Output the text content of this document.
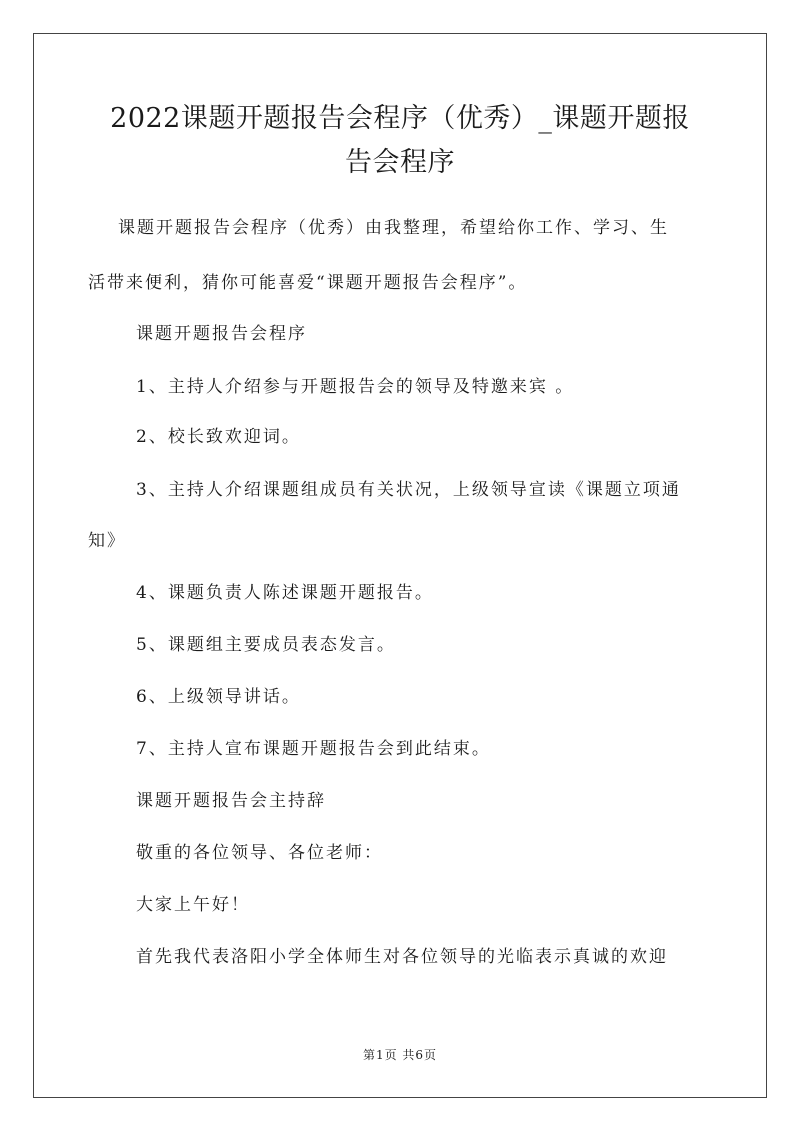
2022课题开题报告会程序（优秀）_课题开题报
告会程序

课题开题报告会程序（优秀）由我整理，希望给你工作、学习、生

活带来便利，猜你可能喜爱“课题开题报告会程序”。

课题开题报告会程序

1、主持人介绍参与开题报告会的领导及特邀来宾 。

2、校长致欢迎词。

3、主持人介绍课题组成员有关状况，上级领导宣读《课题立项通

知》

4、课题负责人陈述课题开题报告。

5、课题组主要成员表态发言。

6、上级领导讲话。

7、主持人宣布课题开题报告会到此结束。

课题开题报告会主持辞

敬重的各位领导、各位老师：

大家上午好！

首先我代表洛阳小学全体师生对各位领导的光临表示真诚的欢迎

第1页 共6页
